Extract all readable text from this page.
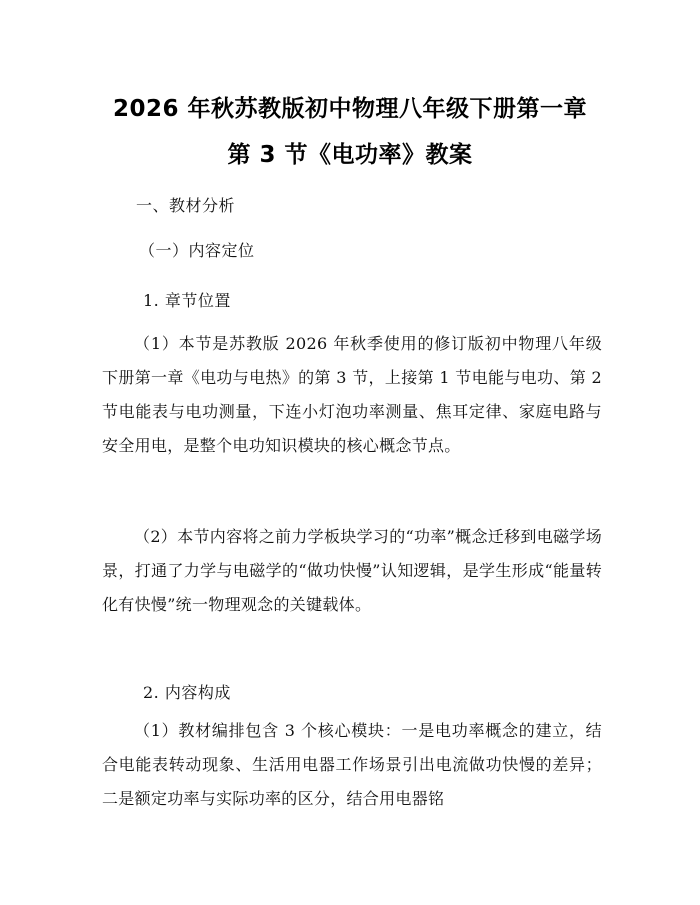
2026 年秋苏教版初中物理八年级下册第一章
第 3 节《电功率》教案
一、教材分析
（一）内容定位
1. 章节位置
（1）本节是苏教版 2026 年秋季使用的修订版初中物理八年级下册第一章《电功与电热》的第 3 节，上接第 1 节电能与电功、第 2 节电能表与电功测量，下连小灯泡功率测量、焦耳定律、家庭电路与安全用电，是整个电功知识模块的核心概念节点。
（2）本节内容将之前力学板块学习的“功率”概念迁移到电磁学场景，打通了力学与电磁学的“做功快慢”认知逻辑，是学生形成“能量转化有快慢”统一物理观念的关键载体。
2. 内容构成
（1）教材编排包含 3 个核心模块：一是电功率概念的建立，结合电能表转动现象、生活用电器工作场景引出电流做功快慢的差异；二是额定功率与实际功率的区分，结合用电器铭
